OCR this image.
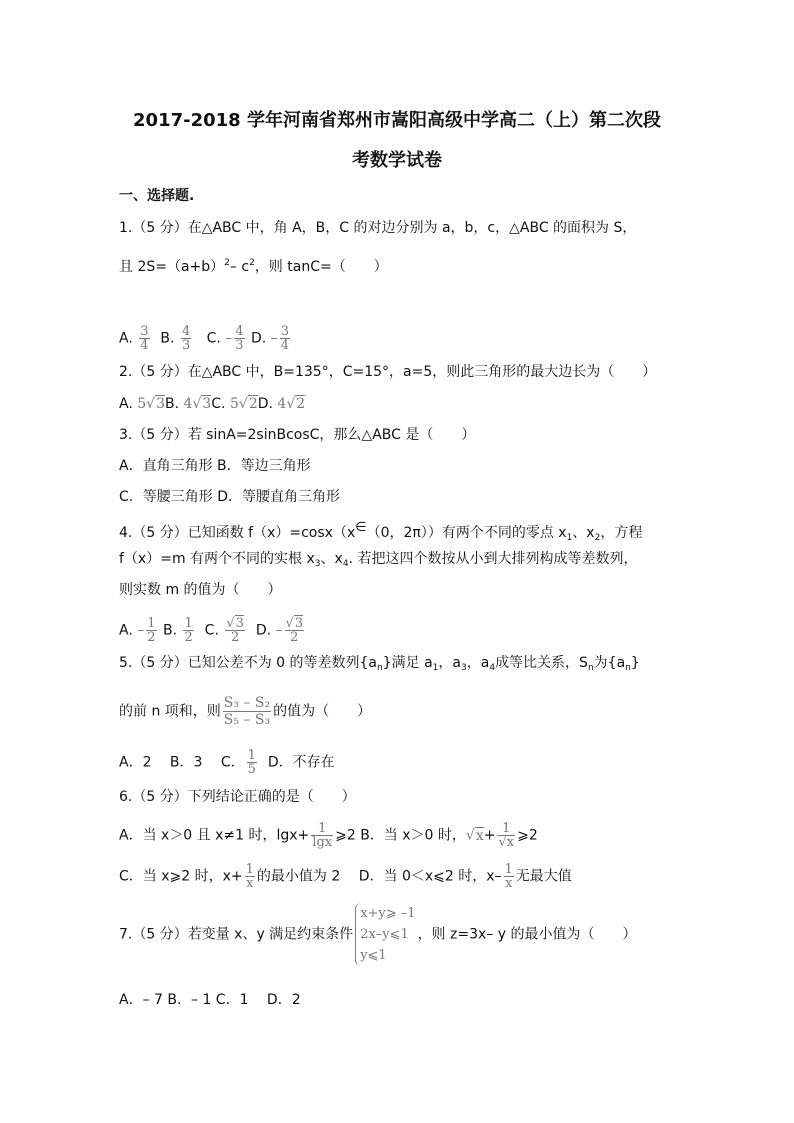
2017-2018 学年河南省郑州市嵩阳高级中学高二（上）第二次段
考数学试卷
一、选择题.
1.（5 分）在△ABC 中，角 A，B，C 的对边分别为 a，b，c，△ABC 的面积为 S，
且 $2S=(a+b)^2-$ $c^2$，则 tanC=（　　）
A. $\frac{3}{4} B$. $\frac{4}{3} C$. – $\frac{4}{3} D$. – $\frac{3}{4}$
2.（5 分）在△ABC 中，B=135°，C=15°，a=5，则此三角形的最大边长为（　　）
A. 5√3B. 4√3C. 5√2D. 4√2
3.（5 分）若 sinA=2sinBcosC，那么△ABC 是（　　）
A．直角三角形 B．等边三角形
C．等腰三角形 D．等腰直角三角形
4.（5 分）已知函数 f（x）=cosx（x∈（0，2π））有两个不同的零点 $x_1$、$x_2$，方程
f（x）=m 有两个不同的实根 $x_3$、$x_4$. 若把这四个数按从小到大排列构成等差数列，
则实数 m 的值为（　　）
A. – $\frac{1}{2} B$. $\frac{1}{2} C$. $\frac{√3}{2} D$. – $\frac{√3}{2}$
5.（5 分）已知公差不为 0 的等差数列$\{a_n\}$满足 $a_1$，$a_3$，$a_4$成等比关系，$S_n$为$\{a_n\}$
的前 n 项和，则 $\frac{\text{S₃ – S₂}}{\text{S₅ – S₃}}$ 的值为（　　）
A．2　 B．3　 C． $\frac{1}{5}$ D．不存在
6.（5 分）下列结论正确的是（　　）
A．当 x＞0 且 x≠1 时，$\lg x+ \frac{1}{\lg x}$ ⩾2 B．当 x＞0 时，$√x+ \frac{1}{√x}$ ⩾2
C．当 x⩾2 时，$x+ \frac{1}{x}$ 的最小值为 2　 D．当 0＜x⩽2 时，$x- \frac{1}{x}$ 无最大值
7.（5 分）若变量 x、y 满足约束条件
x+y⩾ –1
2x–y⩽1
y⩽1
，则 z=3x– y 的最小值为（　　）
A．– 7 B．– 1 C．1　 D．2
